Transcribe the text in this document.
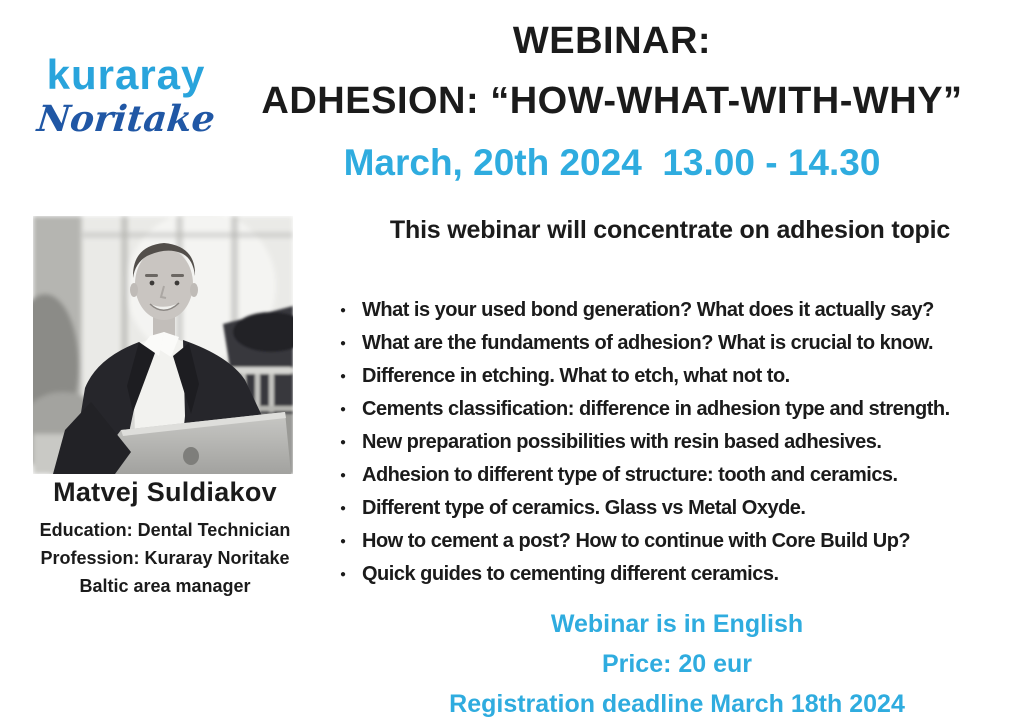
kuraray
Noritake
WEBINAR:
ADHESION: “HOW-WHAT-WITH-WHY”
March, 20th 2024  13.00 - 14.30
Matvej Suldiakov
Education: Dental Technician
Profession: Kuraray Noritake
Baltic area manager
This webinar will concentrate on adhesion topic
● What is your used bond generation? What does it actually say?
● What are the fundaments of adhesion? What is crucial to know.
● Difference in etching. What to etch, what not to.
● Cements classification: difference in adhesion type and strength.
● New preparation possibilities with resin based adhesives.
● Adhesion to different type of structure: tooth and ceramics.
● Different type of ceramics. Glass vs Metal Oxyde.
● How to cement a post? How to continue with Core Build Up?
● Quick guides to cementing different ceramics.
Webinar is in English
Price: 20 eur
Registration deadline March 18th 2024
